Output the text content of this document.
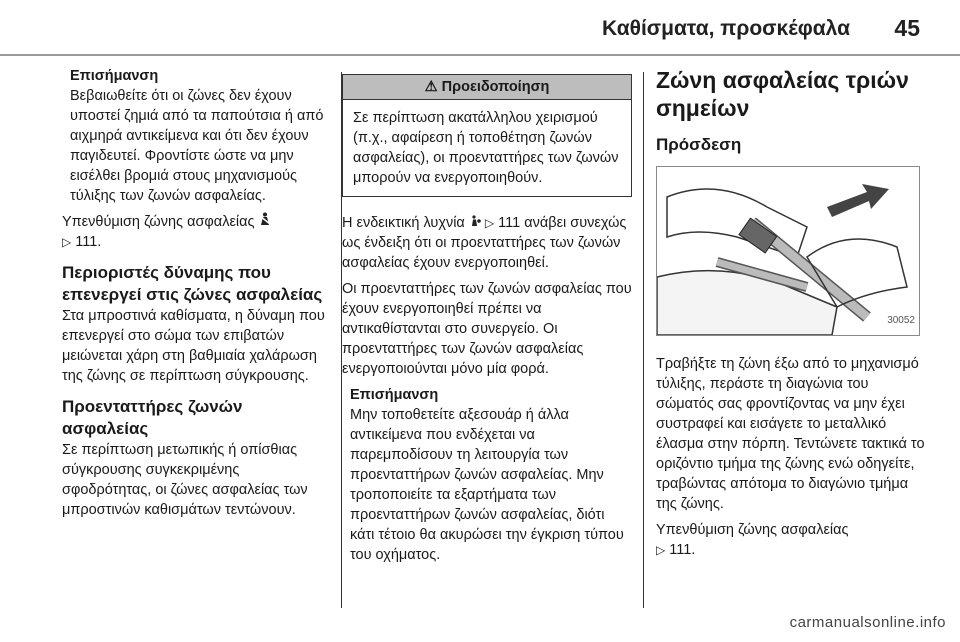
Καθίσματα, προσκέφαλα 45
Επισήμανση

Βεβαιωθείτε ότι οι ζώνες δεν έχουν υποστεί ζημιά από τα παπούτσια ή από αιχμηρά αντικείμενα και ότι δεν έχουν παγιδευτεί. Φροντίστε ώστε να μην εισέλθει βρομιά στους μηχανισμούς τύλιξης των ζωνών ασφαλείας.

Υπενθύμιση ζώνης ασφαλείας
▷ 111.

Περιοριστές δύναμης που επενεργεί στις ζώνες ασφαλείας

Στα μπροστινά καθίσματα, η δύναμη που επενεργεί στο σώμα των επιβατών μειώνεται χάρη στη βαθμιαία χαλάρωση της ζώνης σε περίπτωση σύγκρουσης.

Προενταττήρες ζωνών ασφαλείας

Σε περίπτωση μετωπικής ή οπίσθιας σύγκρουσης συγκεκριμένης σφοδρότητας, οι ζώνες ασφαλείας των μπροστινών καθισμάτων τεντώνουν.

⚠ Προειδοποίηση
Σε περίπτωση ακατάλληλου χειρισμού (π.χ., αφαίρεση ή τοποθέτηση ζωνών ασφαλείας), οι προενταττήρες των ζωνών μπορούν να ενεργοποιηθούν.

Η ενδεικτική λυχνία ▷ 111 ανάβει συνεχώς ως ένδειξη ότι οι προενταττήρες των ζωνών ασφαλείας έχουν ενεργοποιηθεί.

Οι προενταττήρες των ζωνών ασφαλείας που έχουν ενεργοποιηθεί πρέπει να αντικαθίστανται στο συνεργείο. Οι προενταττήρες των ζωνών ασφαλείας ενεργοποιούνται μόνο μία φορά.

Επισήμανση

Μην τοποθετείτε αξεσουάρ ή άλλα αντικείμενα που ενδέχεται να παρεμποδίσουν τη λειτουργία των προενταττήρων ζωνών ασφαλείας. Μην τροποποιείτε τα εξαρτήματα των προενταττήρων ζωνών ασφαλείας, διότι κάτι τέτοιο θα ακυρώσει την έγκριση τύπου του οχήματος.

Ζώνη ασφαλείας τριών σημείων
Πρόσδεση
30052

Τραβήξτε τη ζώνη έξω από το μηχανισμό τύλιξης, περάστε τη διαγώνια του σώματός σας φροντίζοντας να μην έχει συστραφεί και εισάγετε το μεταλλικό έλασμα στην πόρπη. Τεντώνετε τακτικά το οριζόντιο τμήμα της ζώνης ενώ οδηγείτε, τραβώντας απότομα το διαγώνιο τμήμα της ζώνης.

Υπενθύμιση ζώνης ασφαλείας
▷ 111.

carmanualsonline.info
